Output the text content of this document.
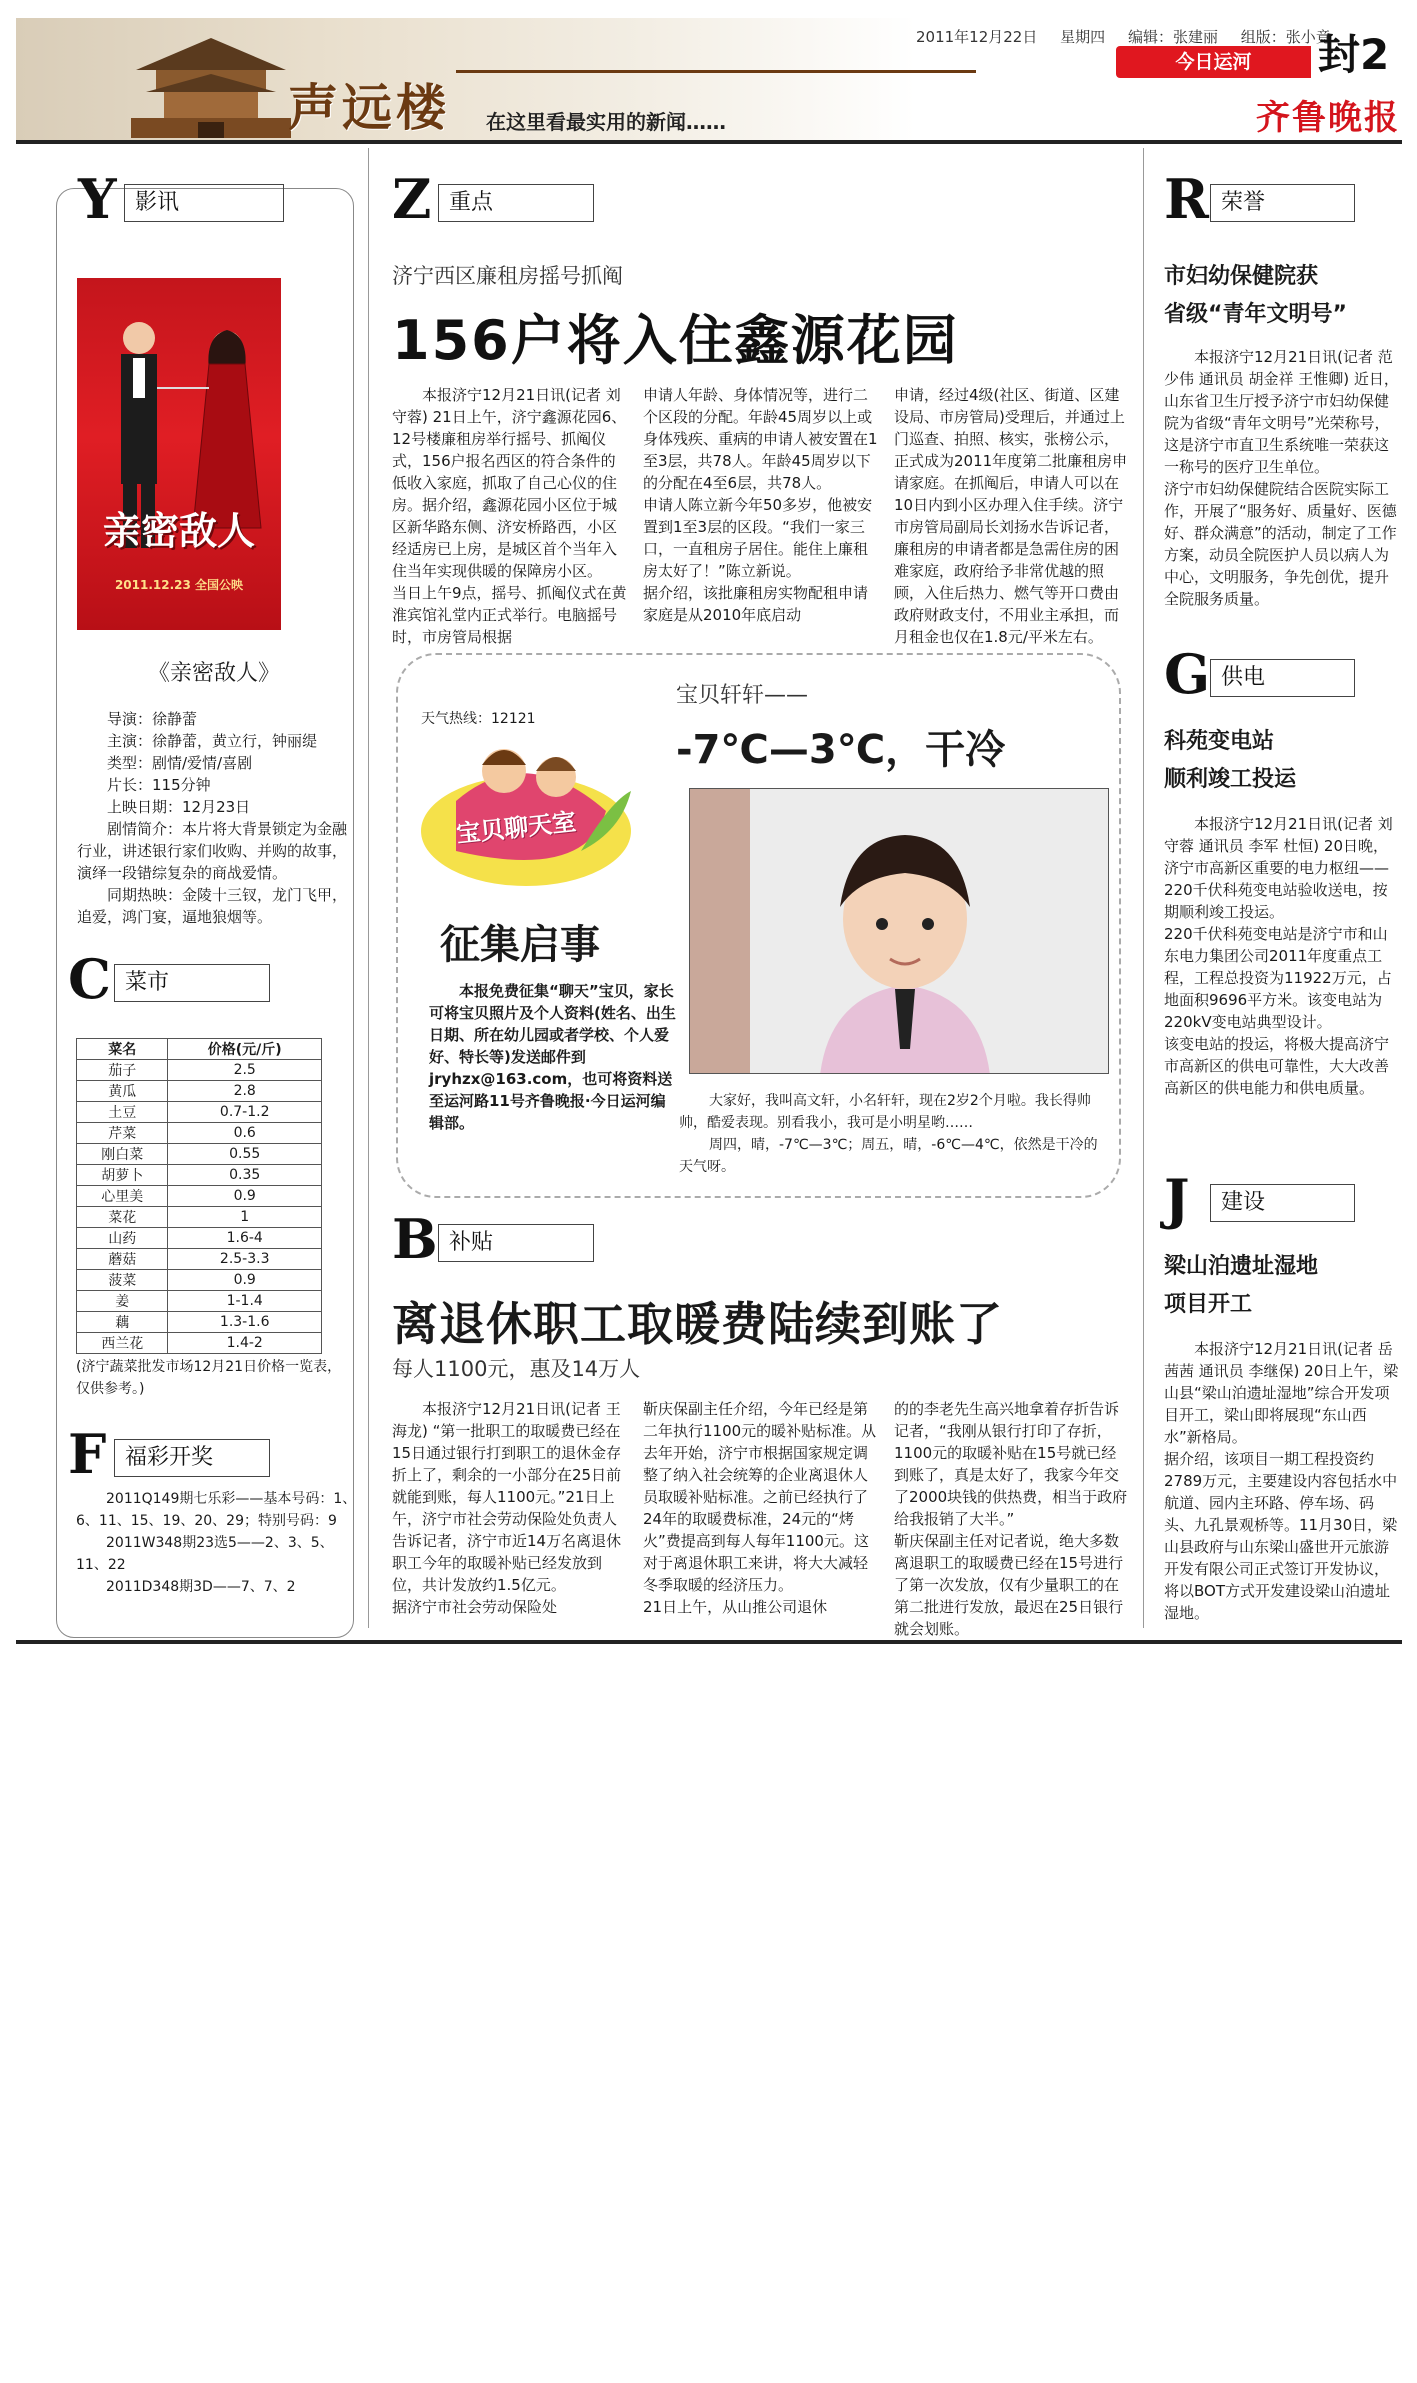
声远楼 在这里看最实用的新闻……
2011年12月22日 星期四 编辑：张建丽 组版：张小竟
今日运河	封2
齐鲁晚报
Y 影讯
亲密敌人
2011.12.23 全国公映
《亲密敌人》
导演：徐静蕾
主演：徐静蕾，黄立行，钟丽缇
类型：剧情/爱情/喜剧
片长：115分钟
上映日期：12月23日
剧情简介：本片将大背景锁定为金融行业，讲述银行家们收购、并购的故事，演绎一段错综复杂的商战爱情。
同期热映：金陵十三钗，龙门飞甲，追爱，鸿门宴，逼地狼烟等。
C 菜市
菜名	价格(元/斤)
茄子	2.5
黄瓜	2.8
土豆	0.7-1.2
芹菜	0.6
刚白菜	0.55
胡萝卜	0.35
心里美	0.9
菜花	1
山药	1.6-4
蘑菇	2.5-3.3
菠菜	0.9
姜	1-1.4
藕	1.3-1.6
西兰花	1.4-2
(济宁蔬菜批发市场12月21日价格一览表，仅供参考。)
F 福彩开奖
2011Q149期七乐彩——基本号码：1、6、11、15、19、20、29；特别号码：9
2011W348期23选5——2、3、5、11、22
2011D348期3D——7、7、2
Z 重点
济宁西区廉租房摇号抓阄
156户将入住鑫源花园
本报济宁12月21日讯(记者 刘守蓉) 21日上午，济宁鑫源花园6、12号楼廉租房举行摇号、抓阄仪式，156户报名西区的符合条件的低收入家庭，抓取了自己心仪的住房。据介绍，鑫源花园小区位于城区新华路东侧、济安桥路西，小区经适房已上房，是城区首个当年入住当年实现供暖的保障房小区。
当日上午9点，摇号、抓阄仪式在黄淮宾馆礼堂内正式举行。电脑摇号时，市房管局根据
申请人年龄、身体情况等，进行二个区段的分配。年龄45周岁以上或身体残疾、重病的申请人被安置在1至3层，共78人。年龄45周岁以下的分配在4至6层，共78人。
申请人陈立新今年50多岁，他被安置到1至3层的区段。“我们一家三口，一直租房子居住。能住上廉租房太好了！”陈立新说。
据介绍，该批廉租房实物配租申请家庭是从2010年底启动
申请，经过4级(社区、街道、区建设局、市房管局)受理后，并通过上门巡查、拍照、核实，张榜公示，正式成为2011年度第二批廉租房申请家庭。在抓阄后，申请人可以在10日内到小区办理入住手续。济宁市房管局副局长刘扬水告诉记者，廉租房的申请者都是急需住房的困难家庭，政府给予非常优越的照顾，入住后热力、燃气等开口费由政府财政支付，不用业主承担，而月租金也仅在1.8元/平米左右。
天气热线：12121
宝贝聊天室
征集启事
本报免费征集“聊天”宝贝，家长可将宝贝照片及个人资料(姓名、出生日期、所在幼儿园或者学校、个人爱好、特长等)发送邮件到jryhzx@163.com，也可将资料送至运河路11号齐鲁晚报·今日运河编辑部。
宝贝轩轩——
-7℃—3℃，干冷
大家好，我叫高文轩，小名轩轩，现在2岁2个月啦。我长得帅帅，酷爱表现。别看我小，我可是小明星哟……
周四，晴，-7℃—3℃；周五，晴，-6℃—4℃，依然是干冷的天气呀。
B 补贴
离退休职工取暖费陆续到账了
每人1100元，惠及14万人
本报济宁12月21日讯(记者 王海龙) “第一批职工的取暖费已经在15日通过银行打到职工的退休金存折上了，剩余的一小部分在25日前就能到账，每人1100元。”21日上午，济宁市社会劳动保险处负责人告诉记者，济宁市近14万名离退休职工今年的取暖补贴已经发放到位，共计发放约1.5亿元。
据济宁市社会劳动保险处
靳庆保副主任介绍，今年已经是第二年执行1100元的暖补贴标准。从去年开始，济宁市根据国家规定调整了纳入社会统筹的企业离退休人员取暖补贴标准。之前已经执行了24年的取暖费标准，24元的“烤火”费提高到每人每年1100元。这对于离退休职工来讲，将大大减轻冬季取暖的经济压力。
21日上午，从山推公司退休
的的李老先生高兴地拿着存折告诉记者，“我刚从银行打印了存折，1100元的取暖补贴在15号就已经到账了，真是太好了，我家今年交了2000块钱的供热费，相当于政府给我报销了大半。”
靳庆保副主任对记者说，绝大多数离退职工的取暖费已经在15号进行了第一次发放，仅有少量职工的在第二批进行发放，最迟在25日银行就会划账。
R 荣誉
市妇幼保健院获
省级“青年文明号”
本报济宁12月21日讯(记者 范少伟 通讯员 胡金祥 王惟卿) 近日，山东省卫生厅授予济宁市妇幼保健院为省级“青年文明号”光荣称号，这是济宁市直卫生系统唯一荣获这一称号的医疗卫生单位。
济宁市妇幼保健院结合医院实际工作，开展了“服务好、质量好、医德好、群众满意”的活动，制定了工作方案，动员全院医护人员以病人为中心，文明服务，争先创优，提升全院服务质量。
G 供电
科苑变电站
顺利竣工投运
本报济宁12月21日讯(记者 刘守蓉 通讯员 李军 杜恒) 20日晚，济宁市高新区重要的电力枢纽——220千伏科苑变电站验收送电，按期顺利竣工投运。
220千伏科苑变电站是济宁市和山东电力集团公司2011年度重点工程，工程总投资为11922万元，占地面积9696平方米。该变电站为220kV变电站典型设计。
该变电站的投运，将极大提高济宁市高新区的供电可靠性，大大改善高新区的供电能力和供电质量。
J	建设
梁山泊遗址湿地
项目开工
本报济宁12月21日讯(记者 岳茜茜 通讯员 李继保) 20日上午，梁山县“梁山泊遗址湿地”综合开发项目开工，梁山即将展现“东山西水”新格局。
据介绍，该项目一期工程投资约2789万元，主要建设内容包括水中航道、园内主环路、停车场、码头、九孔景观桥等。11月30日，梁山县政府与山东梁山盛世开元旅游开发有限公司正式签订开发协议，将以BOT方式开发建设梁山泊遗址湿地。
